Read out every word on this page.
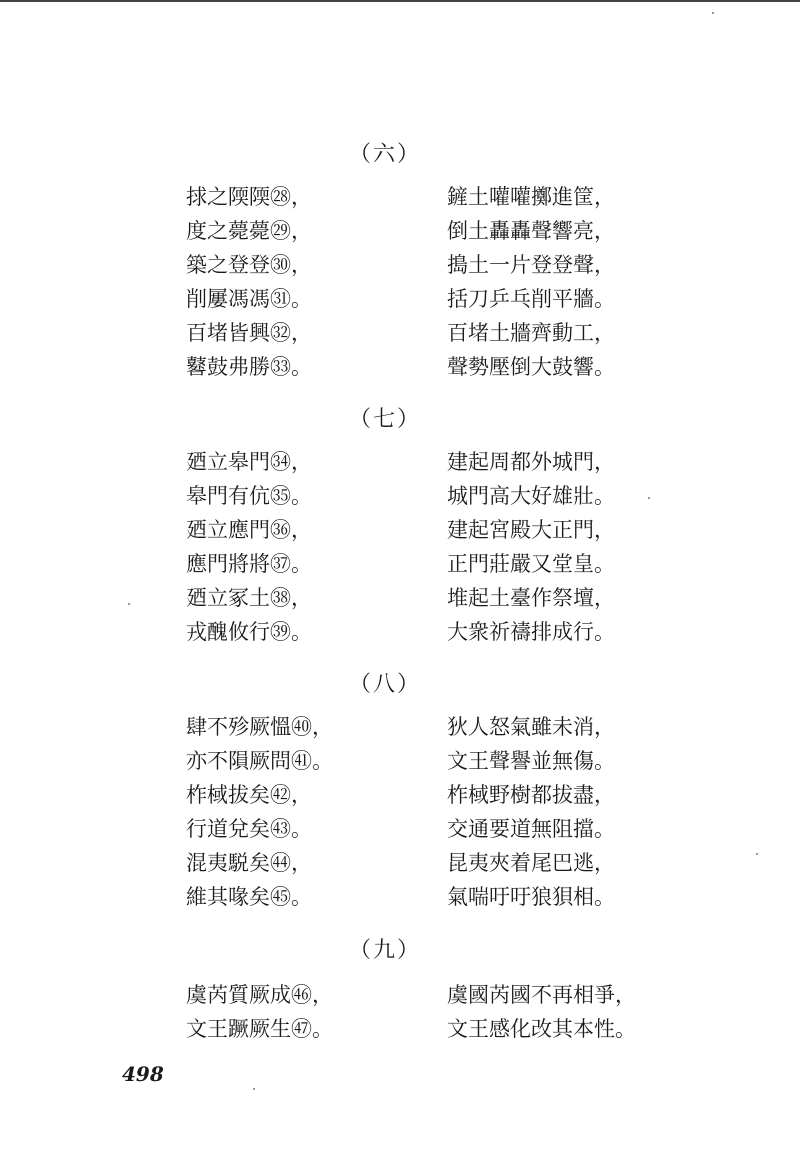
（六）
捄之陾陾㉘，
度之薨薨㉙，
築之登登㉚，
削屢馮馮㉛。
百堵皆興㉜，
鼛鼓弗勝㉝。
鏟土嚾嚾擲進筐，
倒土轟轟聲響亮，
搗土一片登登聲，
括刀乒乓削平牆。
百堵土牆齊動工，
聲勢壓倒大鼓響。
（七）
廼立皋門㉞，
皋門有伉㉟。
廼立應門㊱，
應門將將㊲。
廼立冢土㊳，
戎醜攸行㊴。
建起周都外城門，
城門高大好雄壯。
建起宮殿大正門，
正門莊嚴又堂皇。
堆起土臺作祭壇，
大衆祈禱排成行。
（八）
肆不殄厥慍㊵，
亦不隕厥問㊶。
柞棫拔矣㊷，
行道兌矣㊸。
混夷駾矣㊹，
維其喙矣㊺。
狄人怒氣雖未消，
文王聲譽並無傷。
柞棫野樹都拔盡，
交通要道無阻擋。
昆夷夾着尾巴逃，
氣喘吁吁狼狽相。
（九）
虞芮質厥成㊻，
文王蹶厥生㊼。
虞國芮國不再相爭，
文王感化改其本性。
498
